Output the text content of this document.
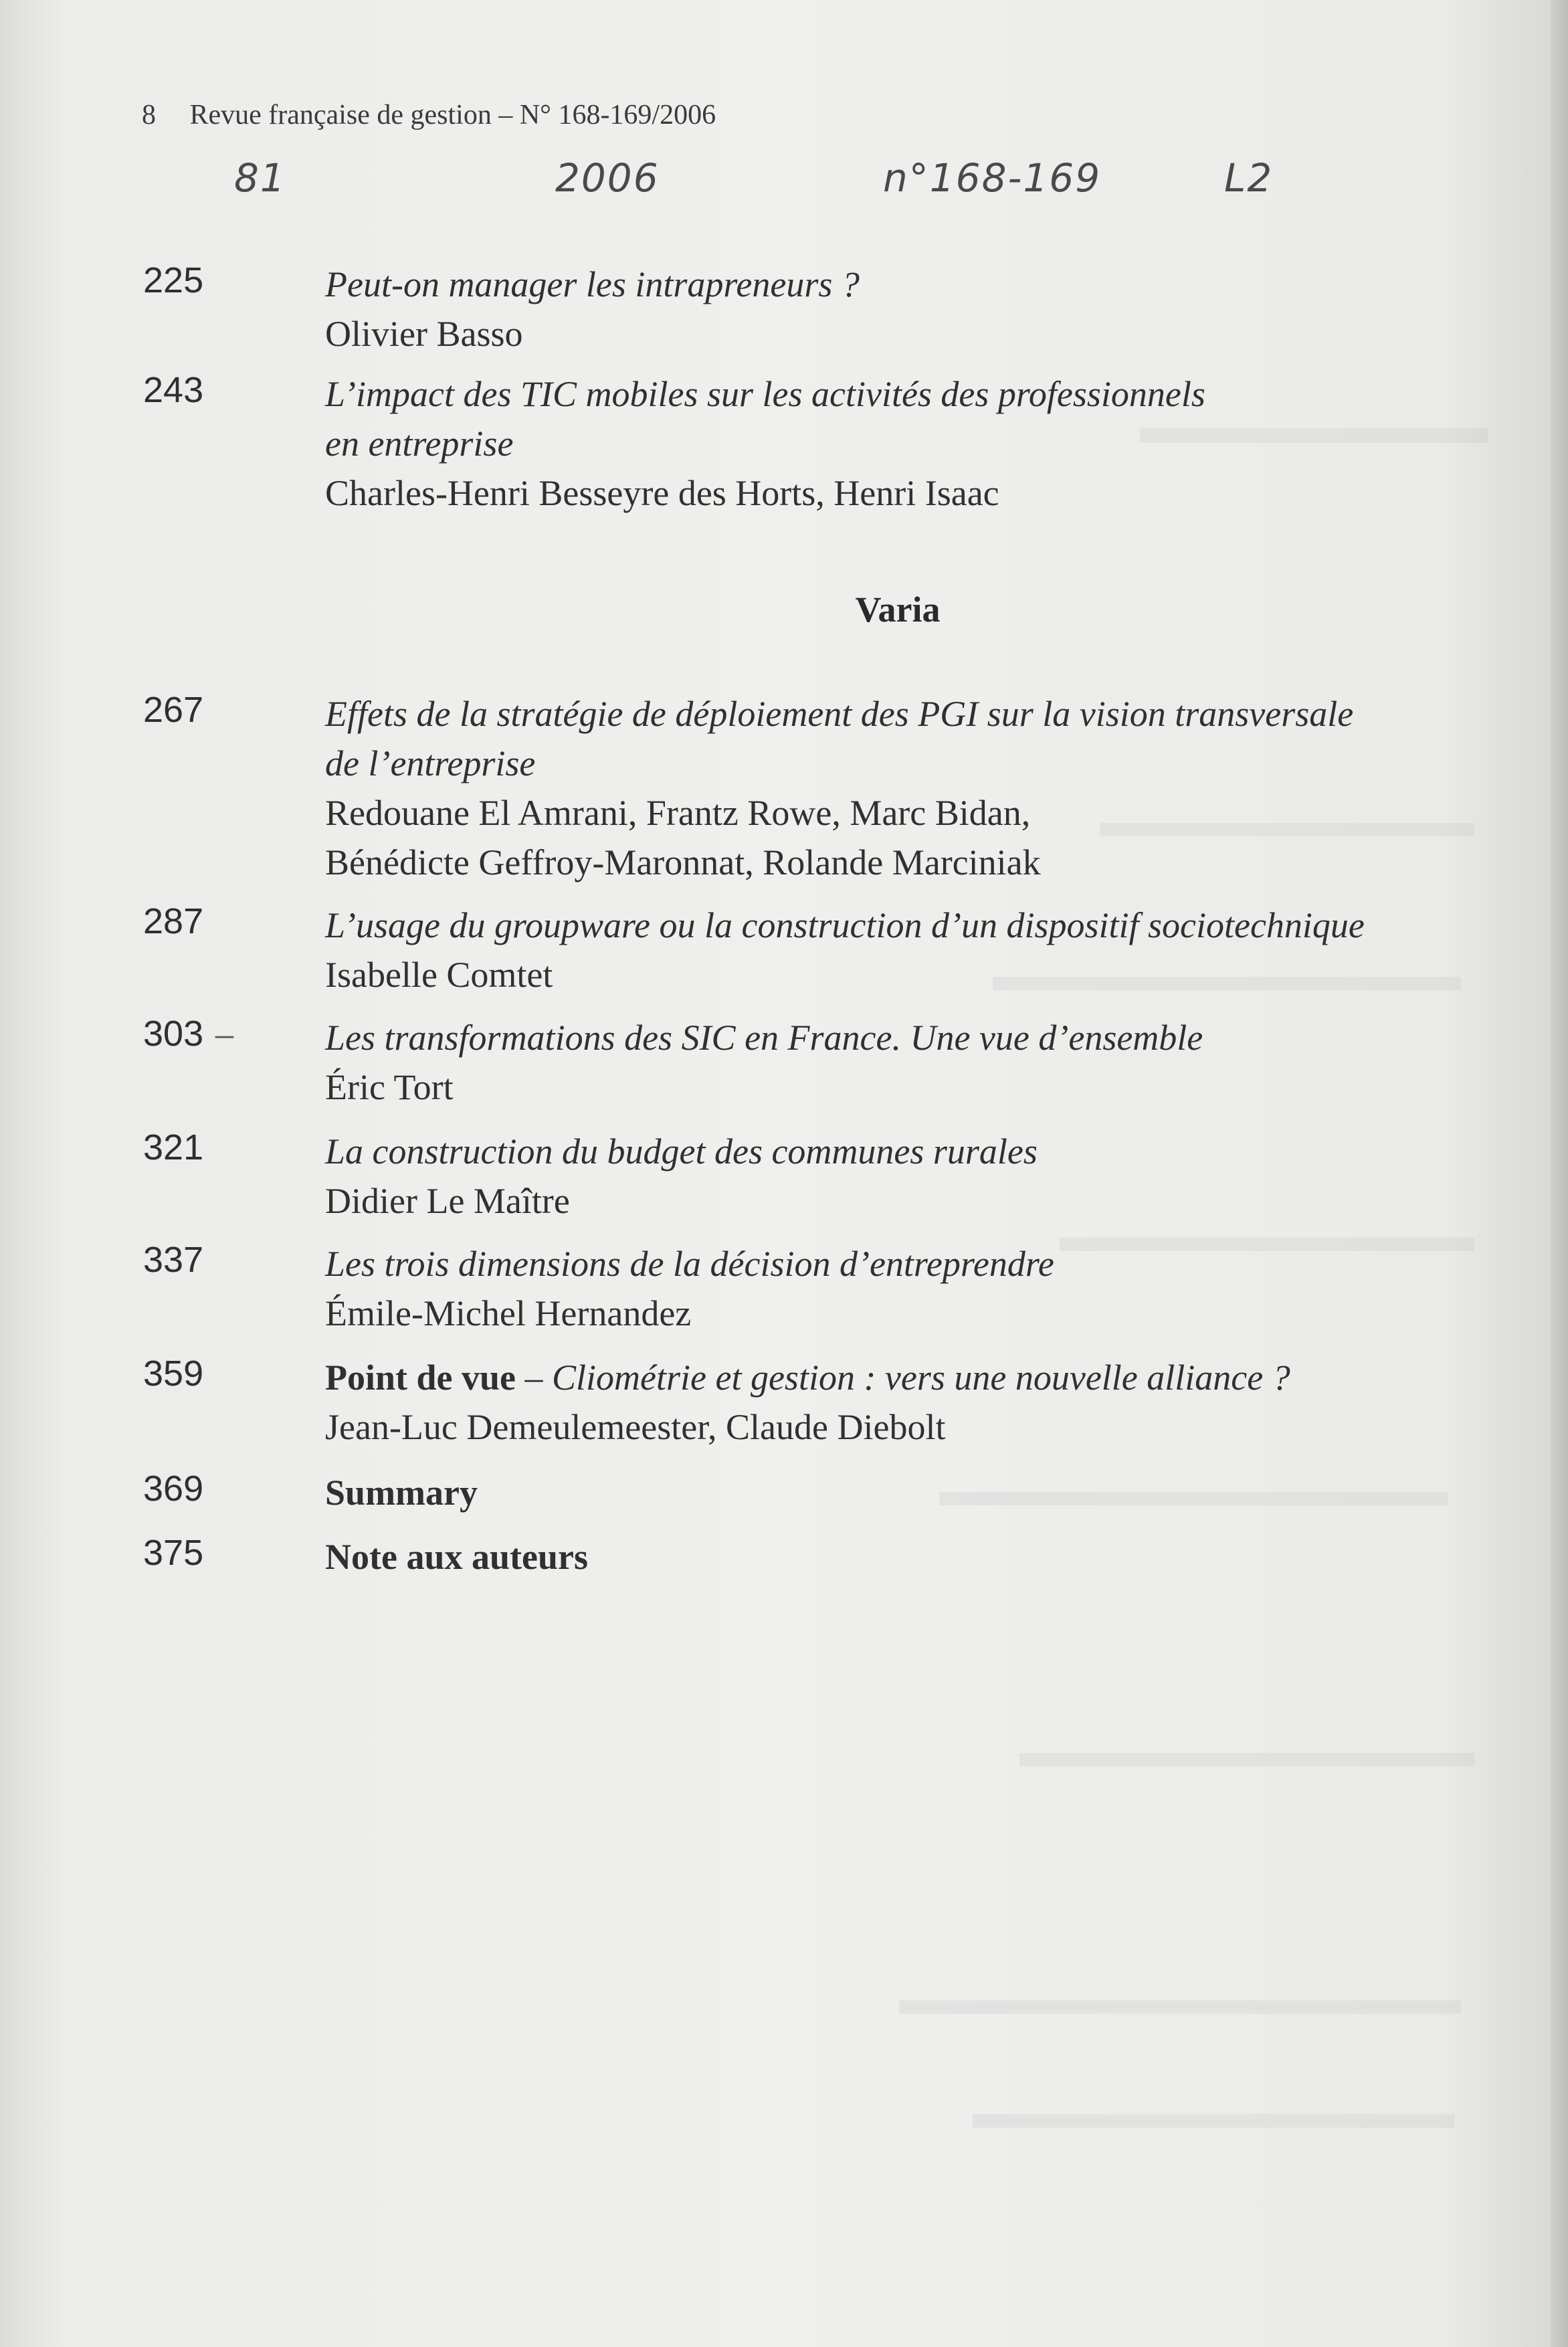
8 Revue française de gestion – N° 168-169/2006
81	2006	n°168-169	L2
225	Peut-on manager les intrapreneurs ?
Olivier Basso
243	L’impact des TIC mobiles sur les activités des professionnels
en entreprise
Charles-Henri Besseyre des Horts, Henri Isaac
Varia
267	Effets de la stratégie de déploiement des PGI sur la vision transversale
de l’entreprise
Redouane El Amrani, Frantz Rowe, Marc Bidan,
Bénédicte Geffroy-Maronnat, Rolande Marciniak
287	L’usage du groupware ou la construction d’un dispositif sociotechnique
Isabelle Comtet
303 –	Les transformations des SIC en France. Une vue d’ensemble
Éric Tort
321	La construction du budget des communes rurales
Didier Le Maître
337	Les trois dimensions de la décision d’entreprendre
Émile-Michel Hernandez
359	Point de vue – Cliométrie et gestion : vers une nouvelle alliance ?
Jean-Luc Demeulemeester, Claude Diebolt
369	Summary
375	Note aux auteurs
